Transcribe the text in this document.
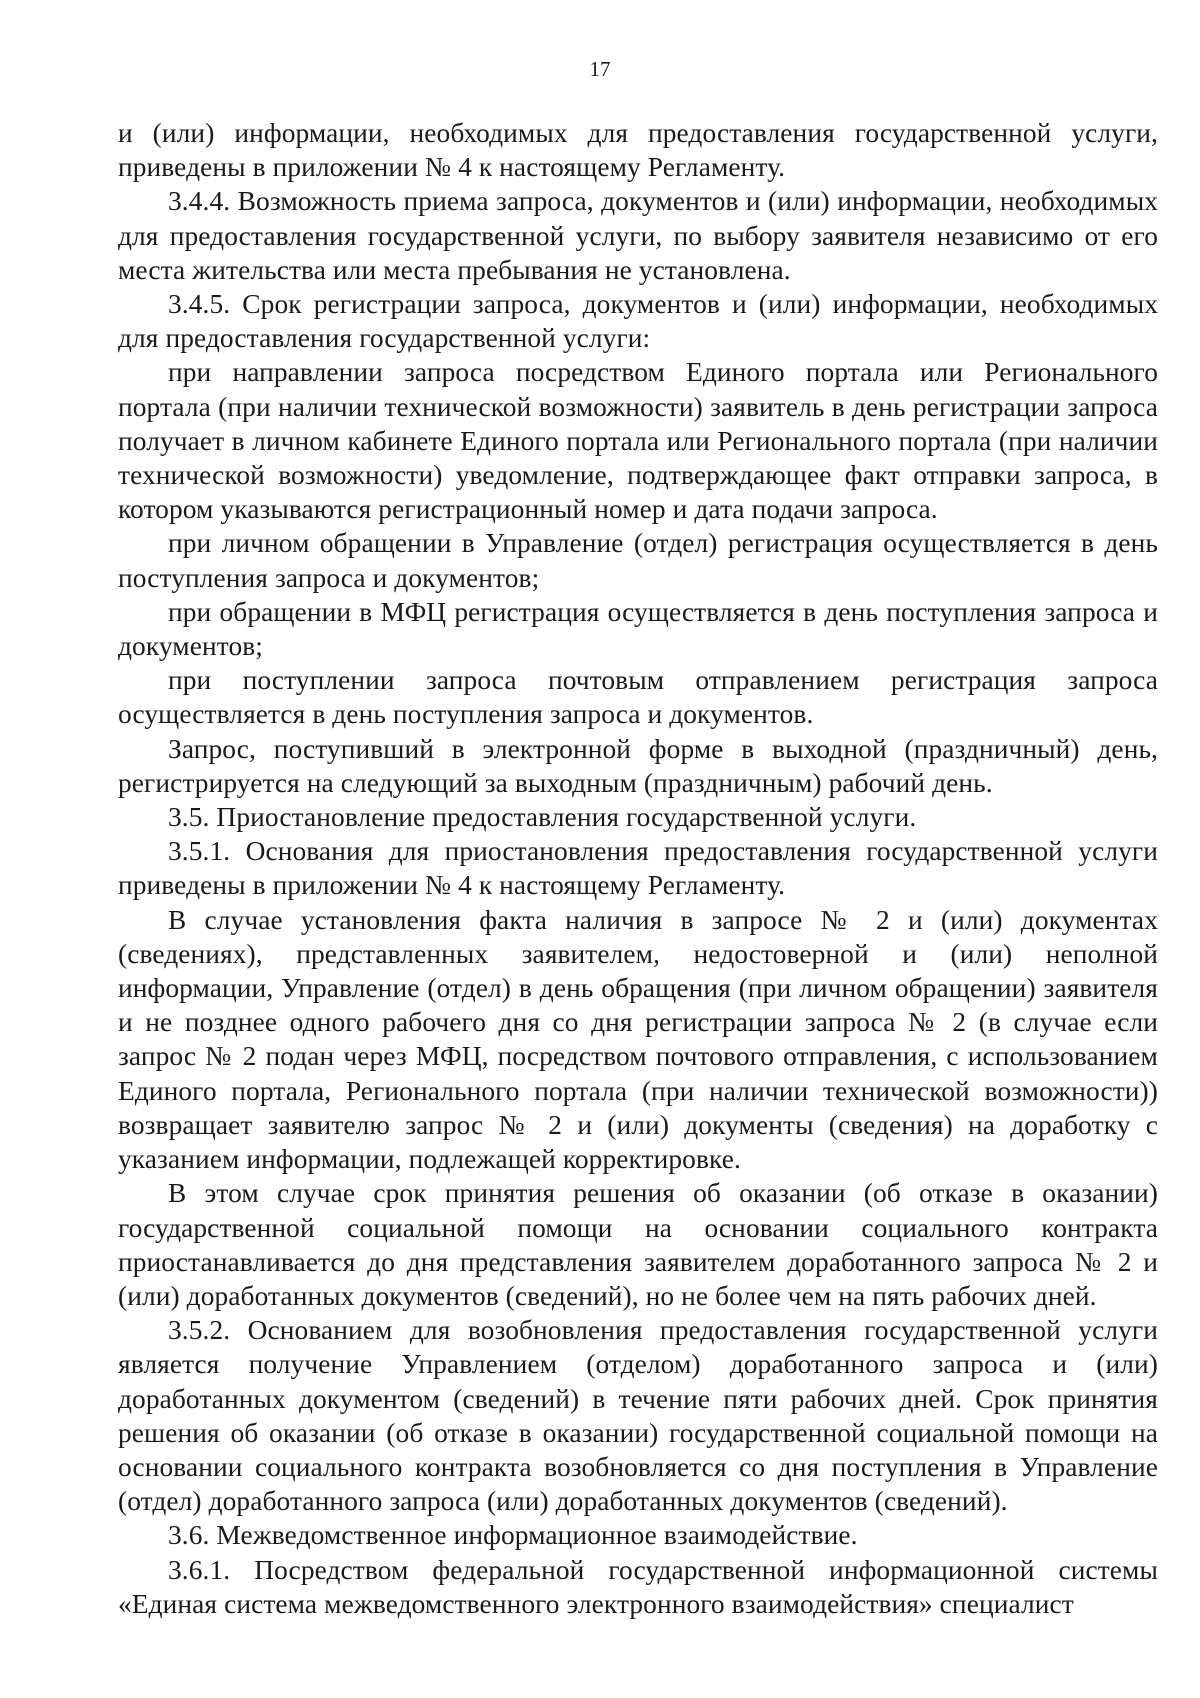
17

и (или) информации, необходимых для предоставления государственной услуги, приведены в приложении № 4 к настоящему Регламенту.

3.4.4. Возможность приема запроса, документов и (или) информации, необходимых для предоставления государственной услуги, по выбору заявителя независимо от его места жительства или места пребывания не установлена.

3.4.5. Срок регистрации запроса, документов и (или) информации, необходимых для предоставления государственной услуги:

при направлении запроса посредством Единого портала или Регионального портала (при наличии технической возможности) заявитель в день регистрации запроса получает в личном кабинете Единого портала или Регионального портала (при наличии технической возможности) уведомление, подтверждающее факт отправки запроса, в котором указываются регистрационный номер и дата подачи запроса.

при личном обращении в Управление (отдел) регистрация осуществляется в день поступления запроса и документов;

при обращении в МФЦ регистрация осуществляется в день поступления запроса и документов;

при поступлении запроса почтовым отправлением регистрация запроса осуществляется в день поступления запроса и документов.

Запрос, поступивший в электронной форме в выходной (праздничный) день, регистрируется на следующий за выходным (праздничным) рабочий день.

3.5. Приостановление предоставления государственной услуги.

3.5.1. Основания для приостановления предоставления государственной услуги приведены в приложении № 4 к настоящему Регламенту.

В случае установления факта наличия в запросе № 2 и (или) документах (сведениях), представленных заявителем, недостоверной и (или) неполной информации, Управление (отдел) в день обращения (при личном обращении) заявителя и не позднее одного рабочего дня со дня регистрации запроса № 2 (в случае если запрос № 2 подан через МФЦ, посредством почтового отправления, с использованием Единого портала, Регионального портала (при наличии технической возможности)) возвращает заявителю запрос № 2 и (или) документы (сведения) на доработку с указанием информации, подлежащей корректировке.

В этом случае срок принятия решения об оказании (об отказе в оказании) государственной социальной помощи на основании социального контракта приостанавливается до дня представления заявителем доработанного запроса № 2 и (или) доработанных документов (сведений), но не более чем на пять рабочих дней.

3.5.2. Основанием для возобновления предоставления государственной услуги является получение Управлением (отделом) доработанного запроса и (или) доработанных документом (сведений) в течение пяти рабочих дней. Срок принятия решения об оказании (об отказе в оказании) государственной социальной помощи на основании социального контракта возобновляется со дня поступления в Управление (отдел) доработанного запроса (или) доработанных документов (сведений).

3.6. Межведомственное информационное взаимодействие.

3.6.1. Посредством федеральной государственной информационной системы «Единая система межведомственного электронного взаимодействия» специалист
